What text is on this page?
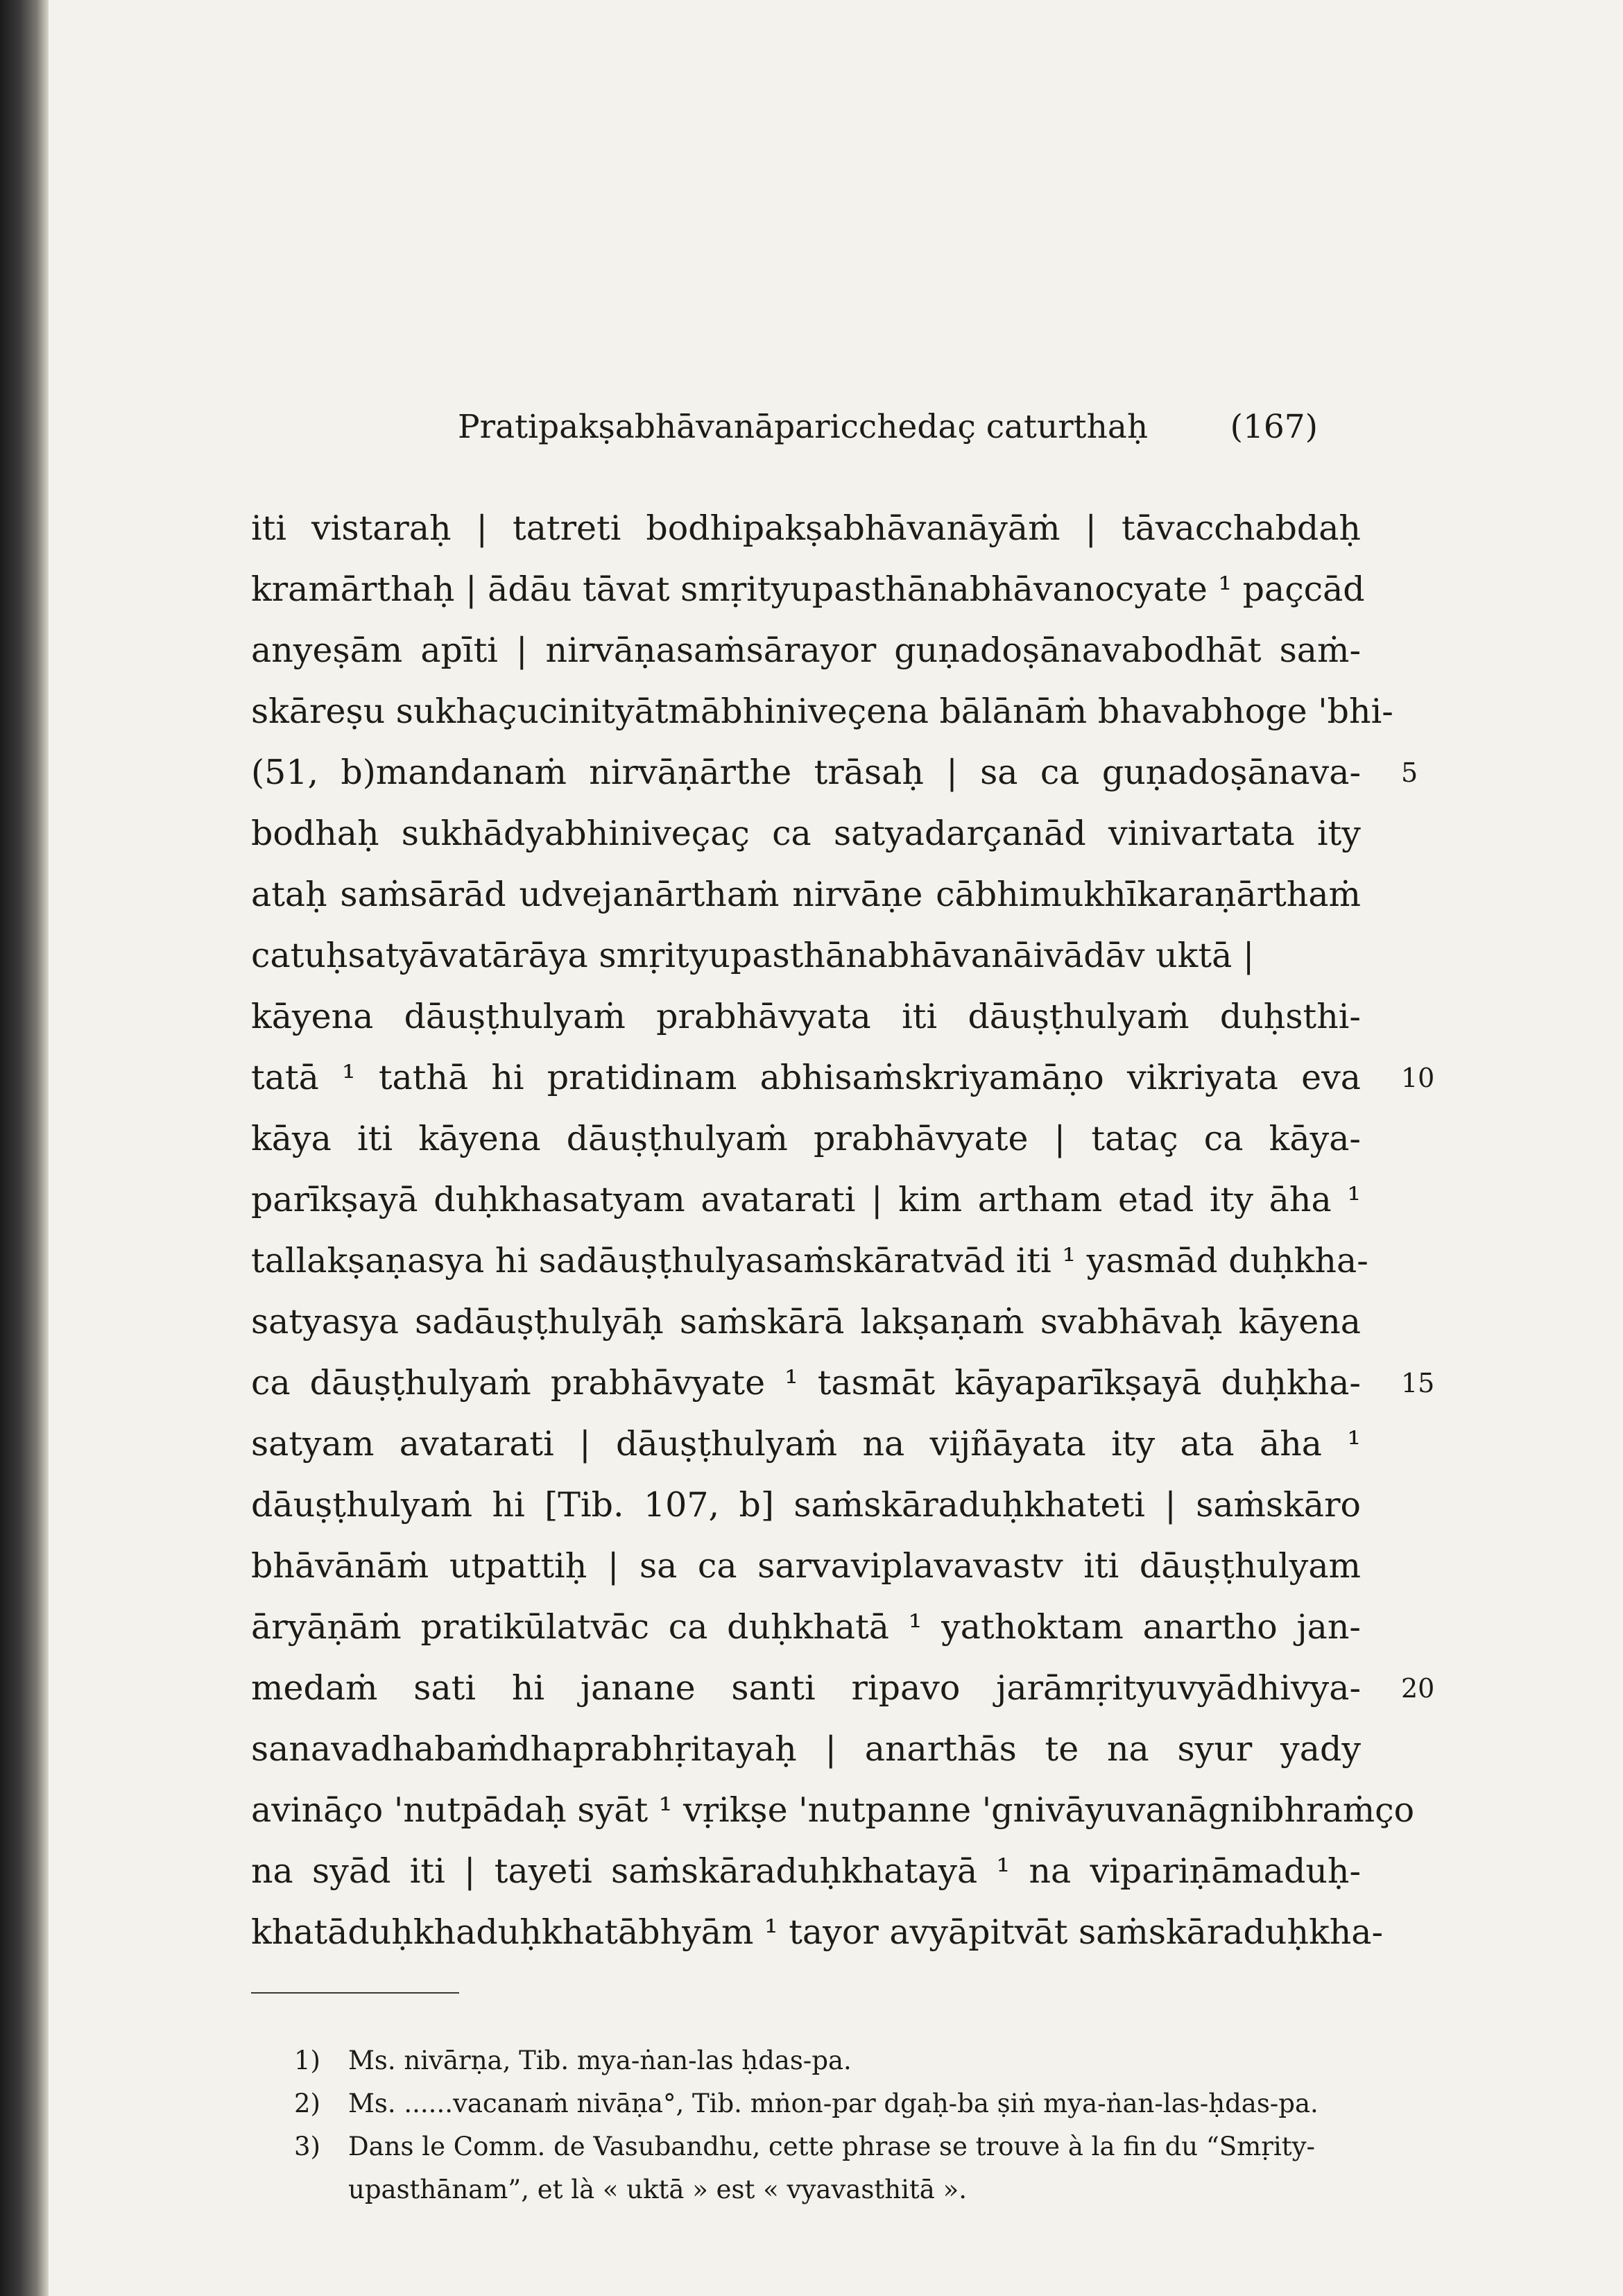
Pratipakṣabhāvanāparicchedaç caturthaḥ	(167)
iti vistaraḥ | tatreti bodhipakṣabhāvanāyāṁ | tāvacchabdaḥ
kramārthaḥ | ādāu tāvat smṛityupasthānabhāvanocyate ¹ paçcād
anyeṣām apīti | nirvāṇasaṁsārayor guṇadoṣānavabodhāt saṁ-
skāreṣu sukhaçucinityātmābhiniveçena bālānāṁ bhavabhoge 'bhi-
(51, b)mandanaṁ nirvāṇārthe trāsaḥ | sa ca guṇadoṣānava-
bodhaḥ sukhādyabhiniveçaç ca satyadarçanād vinivartata ity
ataḥ saṁsārād udvejanārthaṁ nirvāṇe cābhimukhīkaraṇārthaṁ
catuḥsatyāvatārāya smṛityupasthānabhāvanāivādāv uktā |
kāyena dāuṣṭhulyaṁ prabhāvyata iti dāuṣṭhulyaṁ duḥsthi-
tatā ¹ tathā hi pratidinam abhisaṁskriyamāṇo vikriyata eva
kāya iti kāyena dāuṣṭhulyaṁ prabhāvyate | tataç ca kāya-
parīkṣayā duḥkhasatyam avatarati | kim artham etad ity āha ¹
tallakṣaṇasya hi sadāuṣṭhulyasaṁskāratvād iti ¹ yasmād duḥkha-
satyasya sadāuṣṭhulyāḥ saṁskārā lakṣaṇaṁ svabhāvaḥ kāyena
ca dāuṣṭhulyaṁ prabhāvyate ¹ tasmāt kāyaparīkṣayā duḥkha-
satyam avatarati | dāuṣṭhulyaṁ na vijñāyata ity ata āha ¹
dāuṣṭhulyaṁ hi [Tib. 107, b] saṁskāraduḥkhateti | saṁskāro
bhāvānāṁ utpattiḥ | sa ca sarvaviplavavastv iti dāuṣṭhulyam
āryāṇāṁ pratikūlatvāc ca duḥkhatā ¹ yathoktam anartho jan-
medaṁ sati hi janane santi ripavo jarāmṛityuvyādhivya-
sanavadhabaṁdhaprabhṛitayaḥ | anarthās te na syur yady
avināço 'nutpādaḥ syāt ¹ vṛikṣe 'nutpanne 'gnivāyuvanāgnibhraṁço
na syād iti | tayeti saṁskāraduḥkhatayā ¹ na vipariṇāmaduḥ-
khatāduḥkhaduḥkhatābhyām ¹ tayor avyāpitvāt saṁskāraduḥkha-
5
10
15
20
1)	Ms. nivārṇa, Tib. mya-ṅan-las ḥdas-pa.
2)	Ms. ......vacanaṁ nivāṇa°, Tib. mṅon-par dgaḥ-ba ṣiṅ mya-ṅan-las-ḥdas-pa.
3)	Dans le Comm. de Vasubandhu, cette phrase se trouve à la fin du “Smṛity-upasthānam”, et là « uktā » est « vyavasthitā ».
